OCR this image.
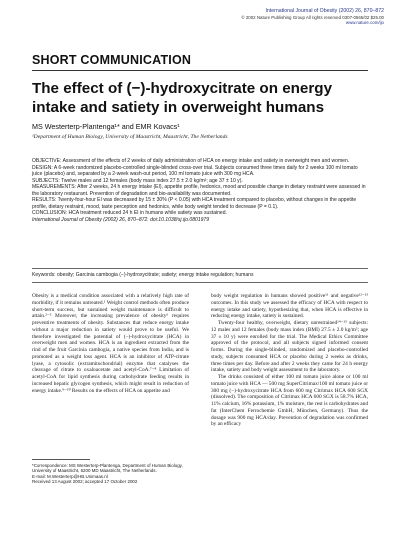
International Journal of Obesity (2002) 26, 870–872
© 2002 Nature Publishing Group All rights reserved 0307-0565/02 $25.00
www.nature.com/ijo
SHORT COMMUNICATION
The effect of (−)-hydroxycitrate on energy intake and satiety in overweight humans
MS Westerterp-Plantenga¹* and EMR Kovacs¹
¹Department of Human Biology, University of Maastricht, Maastricht, The Netherlands

OBJECTIVE: Assessment of the effects of 2 weeks of daily administration of HCA on energy intake and satiety in overweight men and women.

DESIGN: A 6-week randomized placebo-controlled single-blinded cross-over trial. Subjects consumed three times daily for 2 weeks 100 ml tomato juice (placebo) and, separated by a 2-week wash-out period, 100 ml tomato juice with 300 mg HCA.

SUBJECTS: Twelve males and 12 females (body mass index 27.5 ± 2.0 kg/m²; age 37 ± 10 y).

MEASUREMENTS: After 2 weeks, 24 h energy intake (EI), appetite profile, hedonics, mood and possible change in dietary restraint were assessed in the laboratory restaurant. Prevention of degradation and bio-availability was documented.

RESULTS: Twenty-four-hour EI was decreased by 15 ± 30% (P < 0.05) with HCA treatment compared to placebo, without changes in the appetite profile, dietary restraint, mood, taste perception and hedonics, while body weight tended to decrease (P = 0.1).

CONCLUSION: HCA treatment reduced 24 h EI in humans while satiety was sustained.

International Journal of Obesity (2002) 26, 870–872. doi:10.1038/sj.ijo.0801979

Keywords: obesity; Garcinia cambogia (−)-hydroxycitrate; satiety; energy intake regulation; humans

Obesity is a medical condition associated with a relatively high rate of morbidity, if it remains untreated.¹ Weight control methods often produce short-term success, but sustained weight maintenance is difficult to attain.²⁻⁵ Moreover, the increasing prevalence of obesity⁶ requires preventive treatments of obesity. Substances that reduce energy intake without a major reduction in satiety would prove to be useful. We therefore investigated the potential of (−)-hydroxycitrate (HCA) in overweight men and women. HCA is an ingredient extracted from the rind of the fruit Garcinia cambogia, a native species from India, and is promoted as a weight loss agent. HCA is an inhibitor of ATP-citrate lyase, a cytosolic (extramitochondrial) enzyme that catalyses the cleavage of citrate to oxaloacetate and acetyl-CoA.⁷⁻⁸ Limitation of acetyl-CoA for lipid synthesis during carbohydrate feeding results in increased hepatic glycogen synthesis, which might result in reduction of energy intake.⁹⁻¹⁰ Results on the effects of HCA on appetite and

*Correspondence: MS Westerterp-Plantenga, Department of Human Biology, University of Maastricht, 6200 MD Maastricht, The Netherlands.

E-mail: M.Westerterp@HB.Unimaas.nl

Received 13 August 2002; accepted 17 October 2002

body weight regulation in humans showed positive¹¹ and negative¹²⁻¹³ outcomes. In this study we assessed the efficacy of HCA with respect to energy intake and satiety, hypothesizing that, when HCA is effective in reducing energy intake, satiety is sustained.

Twenty-four healthy, overweight, dietary unrestrained¹⁴⁻¹⁵ subjects: 12 males and 12 females (body mass index (BMI) 27.5 ± 2.0 kg/m²; age 37 ± 10 y) were enrolled for the trial. The Medical Ethics Committee approved of the protocol, and all subjects signed informed consent forms. During the single-blinded, randomized and placebo-controlled study, subjects consumed HCA or placebo during 2 weeks as drinks, three times per day. Before and after 2 weeks they came for 24 h energy intake, satiety and body weight assessment to the laboratory.

The drinks consisted of either 100 ml tomato juice alone or 100 ml tomato juice with HCA — 500 mg SuperCitrimax/100 ml tomato juice or 300 mg (−)-hydroxycitrate HCA from 600 mg Citrimax HCA 600 SGX (dissolved). The composition of Citrimax HCA 600 SGX is 58.7% HCA, 11% calcium, 16% potassium, 1% moisture, the rest is carbohydrates and fat (InterChem Ferrochemie GmbH, München, Germany). Thus the dosage was 900 mg HCA/day. Prevention of degradation was confirmed by an efficacy
